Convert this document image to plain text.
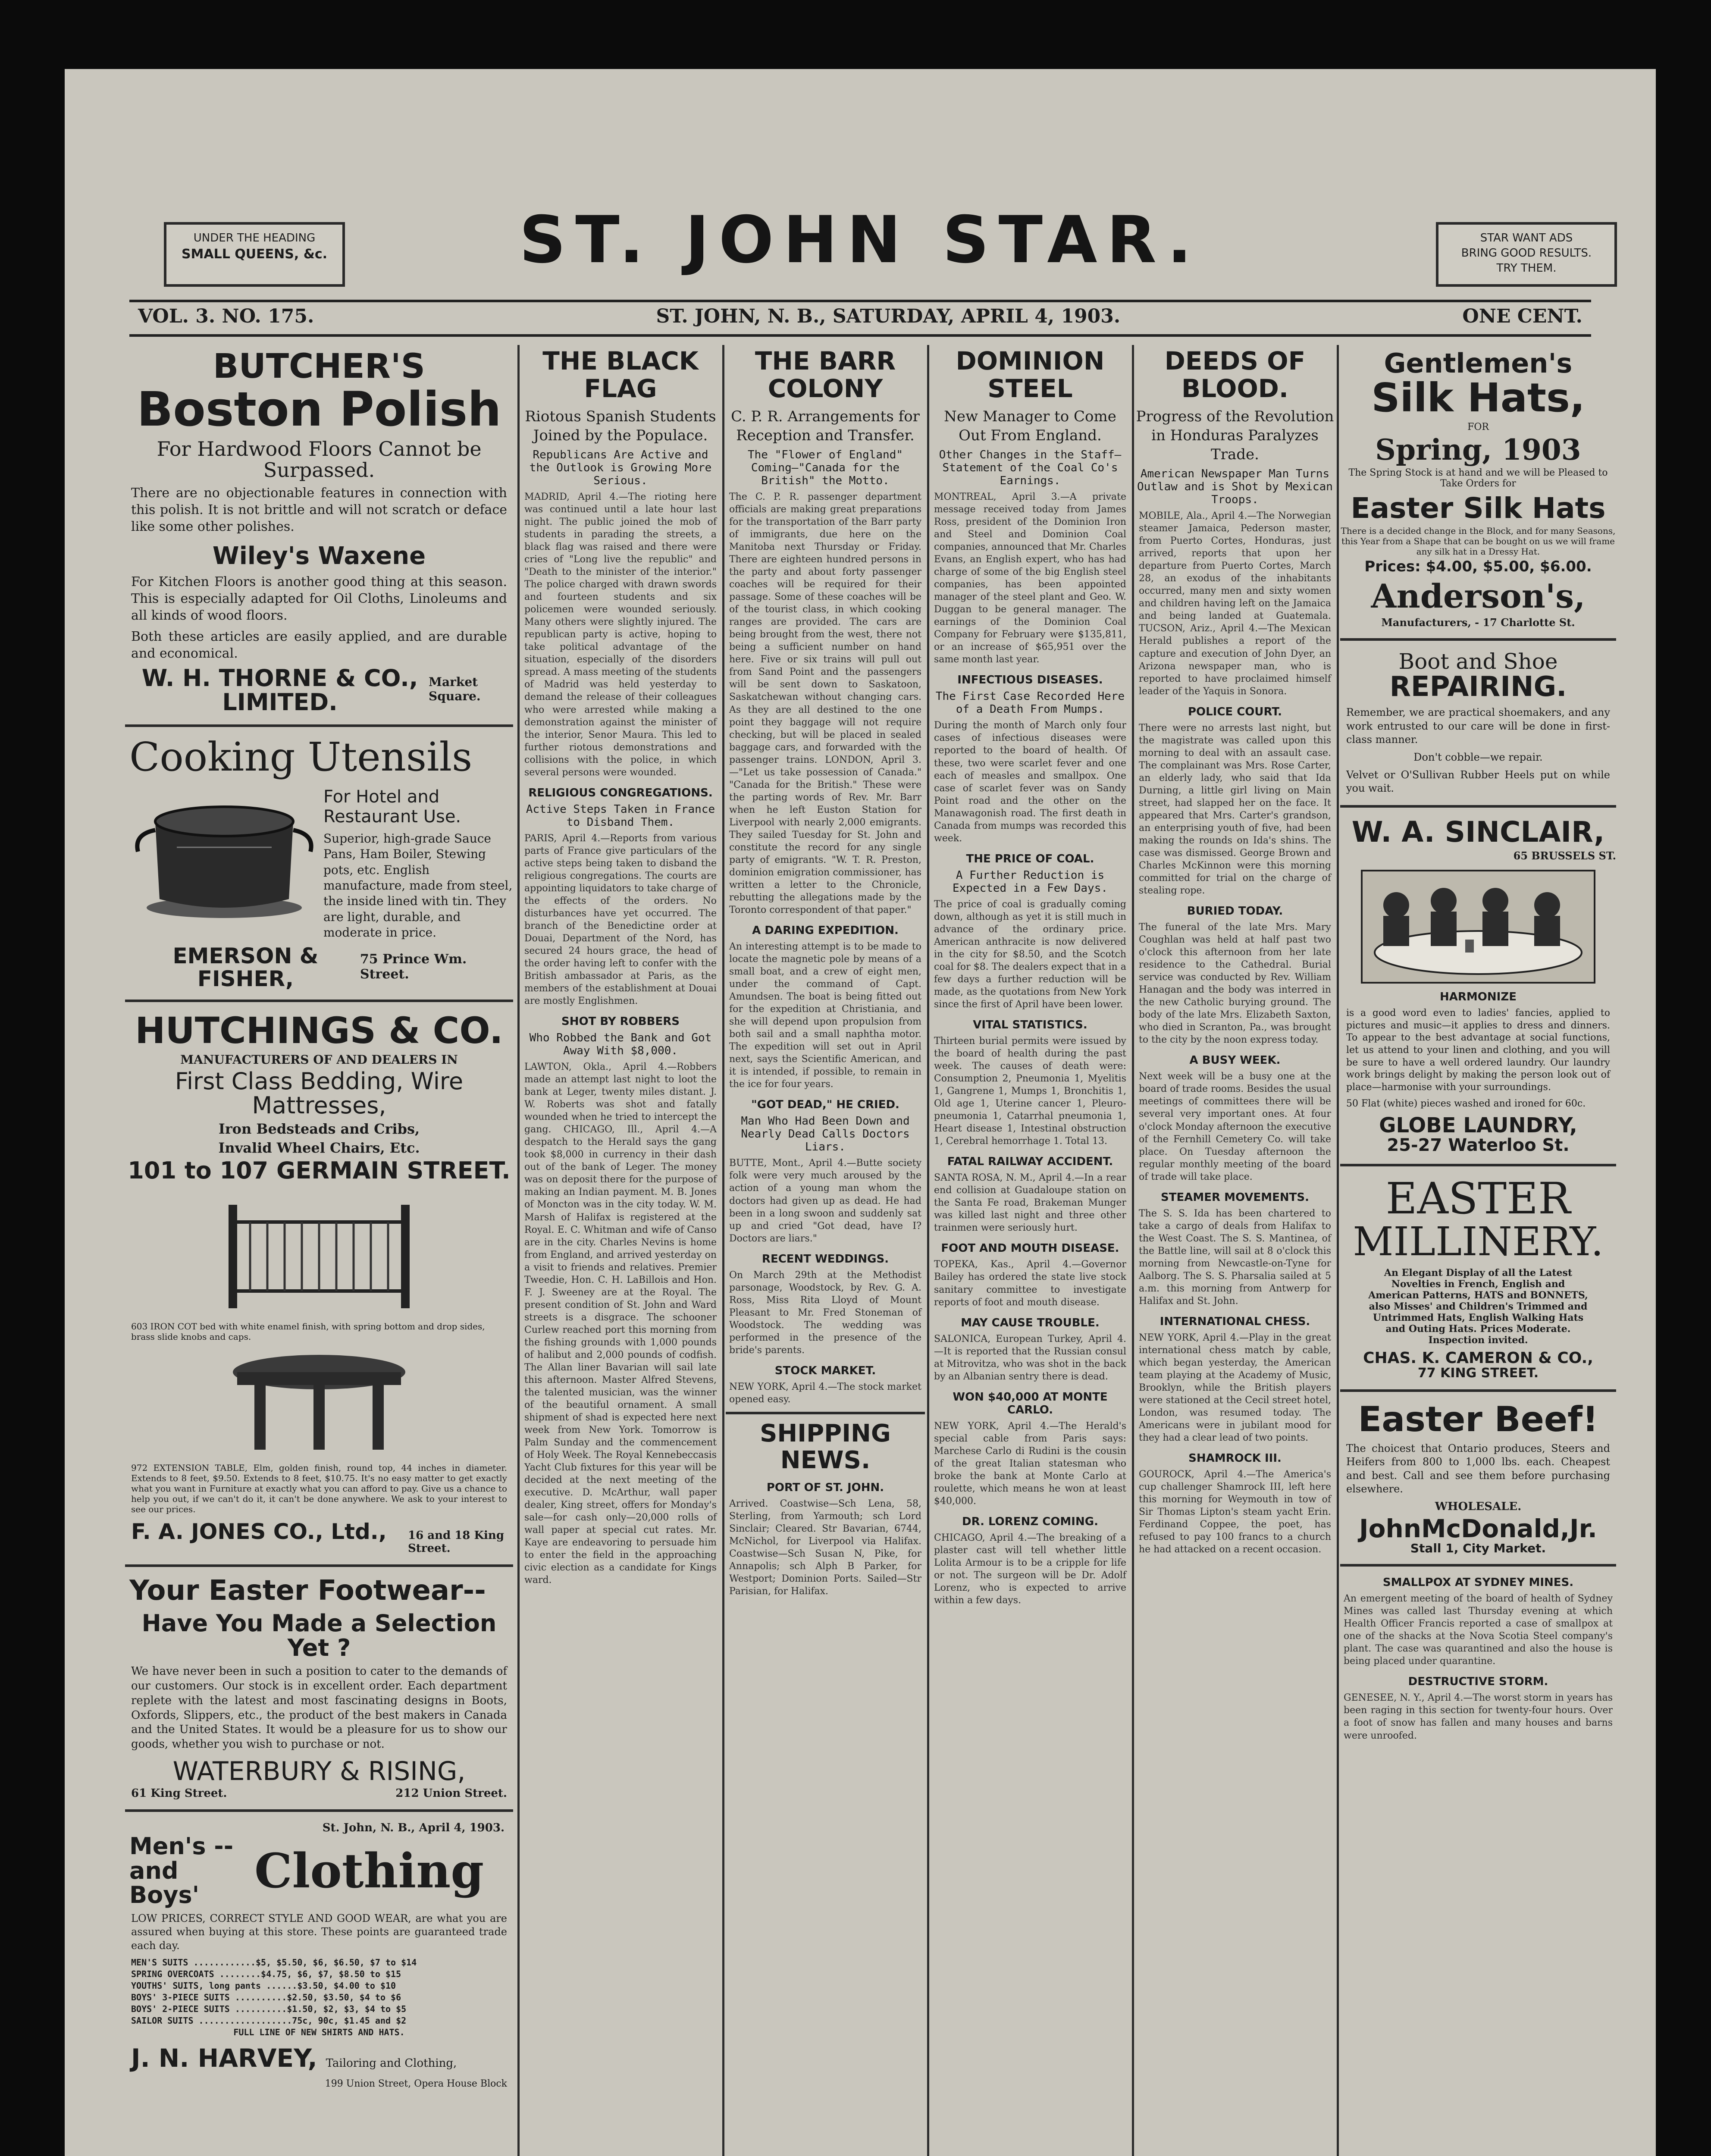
UNDER THE HEADING
SMALL QUEENS, &c.	ST. JOHN STAR.	STAR WANT ADS
BRING GOOD RESULTS.
TRY THEM.
VOL. 3. NO. 175.	ST. JOHN, N. B., SATURDAY, APRIL 4, 1903.	ONE CENT.
BUTCHER'S
Boston Polish
For Hardwood Floors Cannot be Surpassed.
There are no objectionable features in connection with this polish. It is not brittle and will not scratch or deface like some other polishes.
Wiley's Waxene
For Kitchen Floors is another good thing at this season. This is especially adapted for Oil Cloths, Linoleums and all kinds of wood floors.
Both these articles are easily applied, and are durable and economical.
W. H. THORNE & CO., LIMITED.
Market Square.
Cooking Utensils
For Hotel and Restaurant Use.
Superior, high-grade Sauce Pans, Ham Boiler, Stewing pots, etc. English manufacture, made from steel, the inside lined with tin. They are light, durable, and moderate in price.
EMERSON & FISHER,
75 Prince Wm. Street.
HUTCHINGS & CO.
MANUFACTURERS OF AND DEALERS IN
First Class Bedding, Wire Mattresses,
Iron Bedsteads and Cribs,
Invalid Wheel Chairs, Etc.
101 to 107 GERMAIN STREET.
603 IRON COT bed with white enamel finish, with spring bottom and drop sides, brass slide knobs and caps.
972 EXTENSION TABLE, Elm, golden finish, round top, 44 inches in diameter. Extends to 8 feet, $9.50. Extends to 8 feet, $10.75. It's no easy matter to get exactly what you want in Furniture at exactly what you can afford to pay. Give us a chance to help you out, if we can't do it, it can't be done anywhere. We ask to your interest to see our prices.
F. A. JONES CO., Ltd., 16 and 18 King Street.
Your Easter Footwear--
Have You Made a Selection Yet ?
We have never been in such a position to cater to the demands of our customers. Our stock is in excellent order. Each department replete with the latest and most fascinating designs in Boots, Oxfords, Slippers, etc., the product of the best makers in Canada and the United States. It would be a pleasure for us to show our goods, whether you wish to purchase or not.
WATERBURY & RISING,
61 King Street.	212 Union Street.
St. John, N. B., April 4, 1903.
Men's --
and Boys'	Clothing
LOW PRICES, CORRECT STYLE AND GOOD WEAR, are what you are assured when buying at this store. These points are guaranteed trade each day.
MEN'S SUITS ............$5, $5.50, $6, $6.50, $7 to $14
SPRING OVERCOATS ........$4.75, $6, $7, $8.50 to $15
YOUTHS' SUITS, long pants ......$3.50, $4.00 to $10
BOYS' 3-PIECE SUITS ..........$2.50, $3.50, $4 to $6
BOYS' 2-PIECE SUITS ..........$1.50, $2, $3, $4 to $5
SAILOR SUITS ..................75c, 90c, $1.45 and $2
FULL LINE OF NEW SHIRTS AND HATS.
J. N. HARVEY, Tailoring and Clothing,
199 Union Street, Opera House Block
THE BLACK FLAG
Riotous Spanish Students Joined by the Populace.
Republicans Are Active and the Outlook is Growing More Serious.
MADRID, April 4.—The rioting here was continued until a late hour last night. The public joined the mob of students in parading the streets, a black flag was raised and there were cries of "Long live the republic" and "Death to the minister of the interior." The police charged with drawn swords and fourteen students and six policemen were wounded seriously. Many others were slightly injured. The republican party is active, hoping to take political advantage of the situation, especially of the disorders spread. A mass meeting of the students of Madrid was held yesterday to demand the release of their colleagues who were arrested while making a demonstration against the minister of the interior, Senor Maura. This led to further riotous demonstrations and collisions with the police, in which several persons were wounded.
RELIGIOUS CONGREGATIONS.
Active Steps Taken in France to Disband Them.
PARIS, April 4.—Reports from various parts of France give particulars of the active steps being taken to disband the religious congregations. The courts are appointing liquidators to take charge of the effects of the orders. No disturbances have yet occurred. The branch of the Benedictine order at Douai, Department of the Nord, has secured 24 hours grace, the head of the order having left to confer with the British ambassador at Paris, as the members of the establishment at Douai are mostly Englishmen.
SHOT BY ROBBERS
Who Robbed the Bank and Got Away With $8,000.
LAWTON, Okla., April 4.—Robbers made an attempt last night to loot the bank at Leger, twenty miles distant. J. W. Roberts was shot and fatally wounded when he tried to intercept the gang. CHICAGO, Ill., April 4.—A despatch to the Herald says the gang took $8,000 in currency in their dash out of the bank of Leger. The money was on deposit there for the purpose of making an Indian payment. M. B. Jones of Moncton was in the city today. W. M. Marsh of Halifax is registered at the Royal. E. C. Whitman and wife of Canso are in the city. Charles Nevins is home from England, and arrived yesterday on a visit to friends and relatives. Premier Tweedie, Hon. C. H. LaBillois and Hon. F. J. Sweeney are at the Royal. The present condition of St. John and Ward streets is a disgrace. The schooner Curlew reached port this morning from the fishing grounds with 1,000 pounds of halibut and 2,000 pounds of codfish. The Allan liner Bavarian will sail late this afternoon. Master Alfred Stevens, the talented musician, was the winner of the beautiful ornament. A small shipment of shad is expected here next week from New York. Tomorrow is Palm Sunday and the commencement of Holy Week. The Royal Kennebeccasis Yacht Club fixtures for this year will be decided at the next meeting of the executive. D. McArthur, wall paper dealer, King street, offers for Monday's sale—for cash only—20,000 rolls of wall paper at special cut rates. Mr. Kaye are endeavoring to persuade him to enter the field in the approaching civic election as a candidate for Kings ward.
THE BARR COLONY
C. P. R. Arrangements for Reception and Transfer.
The "Flower of England" Coming—"Canada for the British" the Motto.
The C. P. R. passenger department officials are making great preparations for the transportation of the Barr party of immigrants, due here on the Manitoba next Thursday or Friday. There are eighteen hundred persons in the party and about forty passenger coaches will be required for their passage. Some of these coaches will be of the tourist class, in which cooking ranges are provided. The cars are being brought from the west, there not being a sufficient number on hand here. Five or six trains will pull out from Sand Point and the passengers will be sent down to Saskatoon, Saskatchewan without changing cars. As they are all destined to the one point they baggage will not require checking, but will be placed in sealed baggage cars, and forwarded with the passenger trains. LONDON, April 3.—"Let us take possession of Canada." "Canada for the British." These were the parting words of Rev. Mr. Barr when he left Euston Station for Liverpool with nearly 2,000 emigrants. They sailed Tuesday for St. John and constitute the record for any single party of emigrants. "W. T. R. Preston, dominion emigration commissioner, has written a letter to the Chronicle, rebutting the allegations made by the Toronto correspondent of that paper."
A DARING EXPEDITION.
An interesting attempt is to be made to locate the magnetic pole by means of a small boat, and a crew of eight men, under the command of Capt. Amundsen. The boat is being fitted out for the expedition at Christiania, and she will depend upon propulsion from both sail and a small naphtha motor. The expedition will set out in April next, says the Scientific American, and it is intended, if possible, to remain in the ice for four years.
"GOT DEAD," HE CRIED.
Man Who Had Been Down and Nearly Dead Calls Doctors Liars.
BUTTE, Mont., April 4.—Butte society folk were very much aroused by the action of a young man whom the doctors had given up as dead. He had been in a long swoon and suddenly sat up and cried "Got dead, have I? Doctors are liars."
RECENT WEDDINGS.
On March 29th at the Methodist parsonage, Woodstock, by Rev. G. A. Ross, Miss Rita Lloyd of Mount Pleasant to Mr. Fred Stoneman of Woodstock. The wedding was performed in the presence of the bride's parents.
STOCK MARKET.
NEW YORK, April 4.—The stock market opened easy.
SHIPPING NEWS.
PORT OF ST. JOHN.
Arrived. Coastwise—Sch Lena, 58, Sterling, from Yarmouth; sch Lord Sinclair; Cleared. Str Bavarian, 6744, McNichol, for Liverpool via Halifax. Coastwise—Sch Susan N, Pike, for Annapolis; sch Alph B Parker, for Westport; Dominion Ports. Sailed—Str Parisian, for Halifax.
DOMINION STEEL
New Manager to Come Out From England.
Other Changes in the Staff—Statement of the Coal Co's Earnings.
MONTREAL, April 3.—A private message received today from James Ross, president of the Dominion Iron and Steel and Dominion Coal companies, announced that Mr. Charles Evans, an English expert, who has had charge of some of the big English steel companies, has been appointed manager of the steel plant and Geo. W. Duggan to be general manager. The earnings of the Dominion Coal Company for February were $135,811, or an increase of $65,951 over the same month last year.
INFECTIOUS DISEASES.
The First Case Recorded Here of a Death From Mumps.
During the month of March only four cases of infectious diseases were reported to the board of health. Of these, two were scarlet fever and one each of measles and smallpox. One case of scarlet fever was on Sandy Point road and the other on the Manawagonish road. The first death in Canada from mumps was recorded this week.
THE PRICE OF COAL.
A Further Reduction is Expected in a Few Days.
The price of coal is gradually coming down, although as yet it is still much in advance of the ordinary price. American anthracite is now delivered in the city for $8.50, and the Scotch coal for $8. The dealers expect that in a few days a further reduction will be made, as the quotations from New York since the first of April have been lower.
VITAL STATISTICS.
Thirteen burial permits were issued by the board of health during the past week. The causes of death were: Consumption 2, Pneumonia 1, Myelitis 1, Gangrene 1, Mumps 1, Bronchitis 1, Old age 1, Uterine cancer 1, Pleuro-pneumonia 1, Catarrhal pneumonia 1, Heart disease 1, Intestinal obstruction 1, Cerebral hemorrhage 1. Total 13.
FATAL RAILWAY ACCIDENT.
SANTA ROSA, N. M., April 4.—In a rear end collision at Guadaloupe station on the Santa Fe road, Brakeman Munger was killed last night and three other trainmen were seriously hurt.
FOOT AND MOUTH DISEASE.
TOPEKA, Kas., April 4.—Governor Bailey has ordered the state live stock sanitary committee to investigate reports of foot and mouth disease.
MAY CAUSE TROUBLE.
SALONICA, European Turkey, April 4.—It is reported that the Russian consul at Mitrovitza, who was shot in the back by an Albanian sentry there is dead.
WON $40,000 AT MONTE CARLO.
NEW YORK, April 4.—The Herald's special cable from Paris says: Marchese Carlo di Rudini is the cousin of the great Italian statesman who broke the bank at Monte Carlo at roulette, which means he won at least $40,000.
DR. LORENZ COMING.
CHICAGO, April 4.—The breaking of a plaster cast will tell whether little Lolita Armour is to be a cripple for life or not. The surgeon will be Dr. Adolf Lorenz, who is expected to arrive within a few days.
DEEDS OF BLOOD.
Progress of the Revolution in Honduras Paralyzes Trade.
American Newspaper Man Turns Outlaw and is Shot by Mexican Troops.
MOBILE, Ala., April 4.—The Norwegian steamer Jamaica, Pederson master, from Puerto Cortes, Honduras, just arrived, reports that upon her departure from Puerto Cortes, March 28, an exodus of the inhabitants occurred, many men and sixty women and children having left on the Jamaica and being landed at Guatemala. TUCSON, Ariz., April 4.—The Mexican Herald publishes a report of the capture and execution of John Dyer, an Arizona newspaper man, who is reported to have proclaimed himself leader of the Yaquis in Sonora.
POLICE COURT.
There were no arrests last night, but the magistrate was called upon this morning to deal with an assault case. The complainant was Mrs. Rose Carter, an elderly lady, who said that Ida Durning, a little girl living on Main street, had slapped her on the face. It appeared that Mrs. Carter's grandson, an enterprising youth of five, had been making the rounds on Ida's shins. The case was dismissed. George Brown and Charles McKinnon were this morning committed for trial on the charge of stealing rope.
BURIED TODAY.
The funeral of the late Mrs. Mary Coughlan was held at half past two o'clock this afternoon from her late residence to the Cathedral. Burial service was conducted by Rev. William Hanagan and the body was interred in the new Catholic burying ground. The body of the late Mrs. Elizabeth Saxton, who died in Scranton, Pa., was brought to the city by the noon express today.
A BUSY WEEK.
Next week will be a busy one at the board of trade rooms. Besides the usual meetings of committees there will be several very important ones. At four o'clock Monday afternoon the executive of the Fernhill Cemetery Co. will take place. On Tuesday afternoon the regular monthly meeting of the board of trade will take place.
STEAMER MOVEMENTS.
The S. S. Ida has been chartered to take a cargo of deals from Halifax to the West Coast. The S. S. Mantinea, of the Battle line, will sail at 8 o'clock this morning from Newcastle-on-Tyne for Aalborg. The S. S. Pharsalia sailed at 5 a.m. this morning from Antwerp for Halifax and St. John.
INTERNATIONAL CHESS.
NEW YORK, April 4.—Play in the great international chess match by cable, which began yesterday, the American team playing at the Academy of Music, Brooklyn, while the British players were stationed at the Cecil street hotel, London, was resumed today. The Americans were in jubilant mood for they had a clear lead of two points.
SHAMROCK III.
GOUROCK, April 4.—The America's cup challenger Shamrock III, left here this morning for Weymouth in tow of Sir Thomas Lipton's steam yacht Erin. Ferdinand Coppee, the poet, has refused to pay 100 francs to a church he had attacked on a recent occasion.
Gentlemen's
Silk Hats,
FOR
Spring, 1903
The Spring Stock is at hand and we will be Pleased to Take Orders for
Easter Silk Hats
There is a decided change in the Block, and for many Seasons, this Year from a Shape that can be bought on us we will frame any silk hat in a Dressy Hat.
Prices: $4.00, $5.00, $6.00.
Anderson's,
Manufacturers, - 17 Charlotte St.
Boot and Shoe
REPAIRING.
Remember, we are practical shoemakers, and any work entrusted to our care will be done in first-class manner.
Don't cobble—we repair.
Velvet or O'Sullivan Rubber Heels put on while you wait.
W. A. SINCLAIR,
65 BRUSSELS ST.
HARMONIZE
is a good word even to ladies' fancies, applied to pictures and music—it applies to dress and dinners. To appear to the best advantage at social functions, let us attend to your linen and clothing, and you will be sure to have a well ordered laundry. Our laundry work brings delight by making the person look out of place—harmonise with your surroundings.
50 Flat (white) pieces washed and ironed for 60c.
GLOBE LAUNDRY,
25-27 Waterloo St.
EASTER
MILLINERY.
An Elegant Display of all the Latest Novelties in French, English and American Patterns, HATS and BONNETS, also Misses' and Children's Trimmed and Untrimmed Hats, English Walking Hats and Outing Hats. Prices Moderate. Inspection invited.
CHAS. K. CAMERON & CO.,
77 KING STREET.
Easter Beef!
The choicest that Ontario produces, Steers and Heifers from 800 to 1,000 lbs. each. Cheapest and best. Call and see them before purchasing elsewhere.
WHOLESALE.
JohnMcDonald,Jr.
Stall 1, City Market.
SMALLPOX AT SYDNEY MINES.
An emergent meeting of the board of health of Sydney Mines was called last Thursday evening at which Health Officer Francis reported a case of smallpox at one of the shacks at the Nova Scotia Steel company's plant. The case was quarantined and also the house is being placed under quarantine.
DESTRUCTIVE STORM.
GENESEE, N. Y., April 4.—The worst storm in years has been raging in this section for twenty-four hours. Over a foot of snow has fallen and many houses and barns were unroofed.
